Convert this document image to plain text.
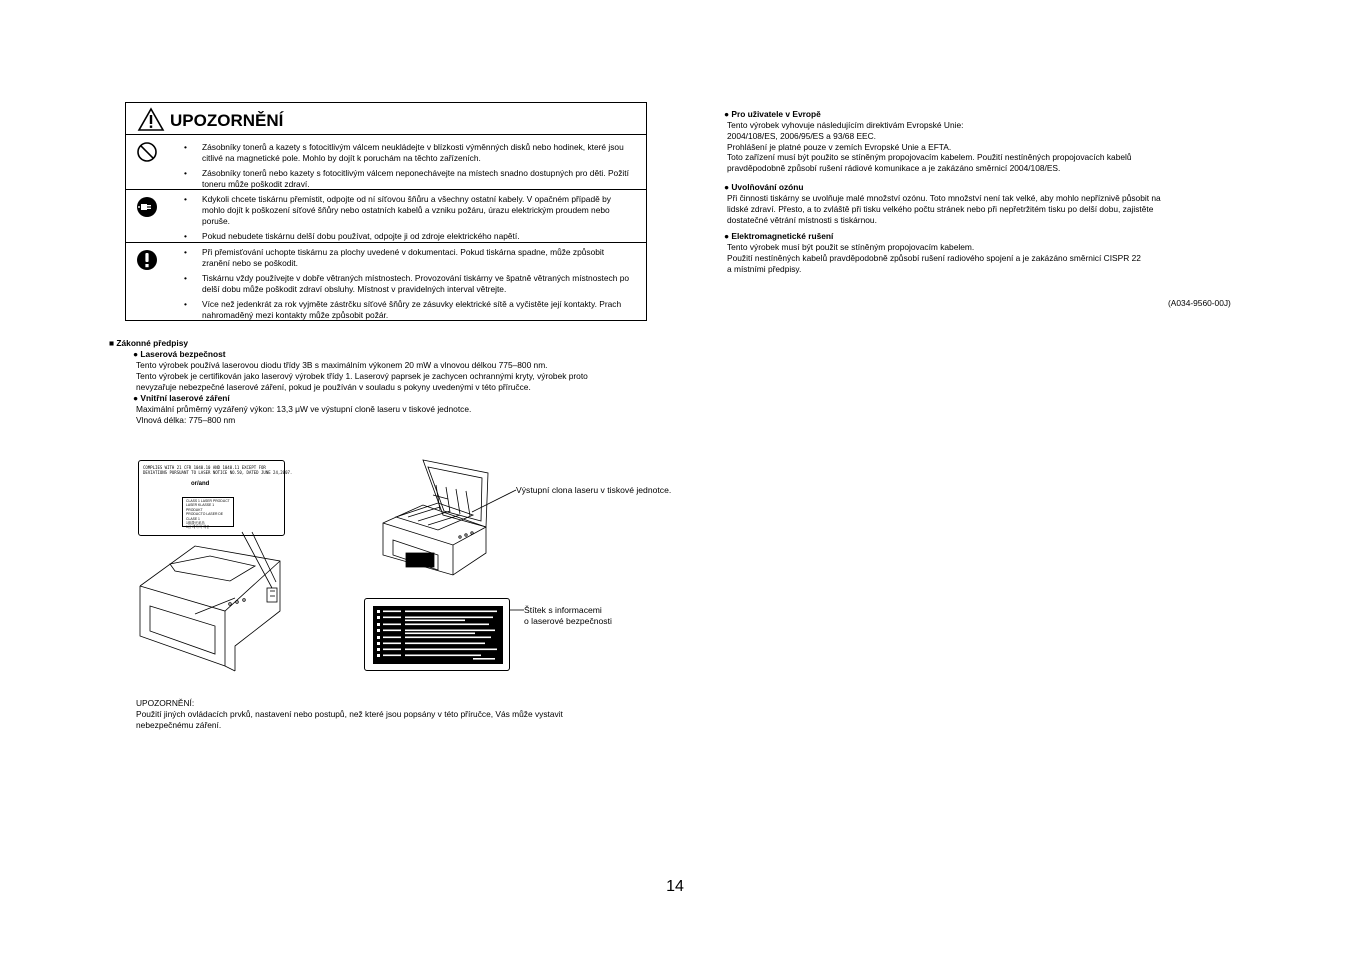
UPOZORNĚNÍ
•	Zásobníky tonerů a kazety s fotocitlivým válcem neukládejte v blízkosti výměnných disků nebo hodinek, které jsou citlivé na magnetické pole. Mohlo by dojít k poruchám na těchto zařízeních.
•	Zásobníky tonerů nebo kazety s fotocitlivým válcem neponechávejte na místech snadno dostupných pro děti. Požití toneru může poškodit zdraví.
•	Kdykoli chcete tiskárnu přemístit, odpojte od ní síťovou šňůru a všechny ostatní kabely. V opačném případě by mohlo dojít k poškození síťové šňůry nebo ostatních kabelů a vzniku požáru, úrazu elektrickým proudem nebo poruše.
•	Pokud nebudete tiskárnu delší dobu používat, odpojte ji od zdroje elektrického napětí.
•	Při přemisťování uchopte tiskárnu za plochy uvedené v dokumentaci. Pokud tiskárna spadne, může způsobit zranění nebo se poškodit.
•	Tiskárnu vždy používejte v dobře větraných místnostech. Provozování tiskárny ve špatně větraných místnostech po delší dobu může poškodit zdraví obsluhy. Místnost v pravidelných interval větrejte.
•	Více než jedenkrát za rok vyjměte zástrčku síťové šňůry ze zásuvky elektrické sítě a vyčistěte její kontakty. Prach nahromaděný mezi kontakty může způsobit požár.
■ Zákonné předpisy
● Laserová bezpečnost

Tento výrobek používá laserovou diodu třídy 3B s maximálním výkonem 20 mW a vlnovou délkou 775–800 nm.

Tento výrobek je certifikován jako laserový výrobek třídy 1. Laserový paprsek je zachycen ochrannými kryty, výrobek proto

nevyzařuje nebezpečné laserové záření, pokud je používán v souladu s pokyny uvedenými v této příručce.

● Vnitřní laserové záření

Maximální průměrný vyzářený výkon: 13,3 μW ve výstupní cloně laseru v tiskové jednotce.

Vlnová délka: 775–800 nm

COMPLIES WITH 21 CFR 1040.10 AND 1040.11 EXCEPT FOR
DEVIATIONS PURSUANT TO LASER NOTICE NO.50, DATED JUNE 24,2007.
or/and
CLASS 1 LASER PRODUCT
LASER KLASSE 1 PRODUKT
PRODUCTO LASER DE CLASE 1
1級激光產品
1급 레이저 제품
Výstupní clona laseru v tiskové jednotce.
Štítek s informacemi
o laserové bezpečnosti

UPOZORNĚNÍ:

Použití jiných ovládacích prvků, nastavení nebo postupů, než které jsou popsány v této příručce, Vás může vystavit

nebezpečnému záření.

● Pro uživatele v Evropě

Tento výrobek vyhovuje následujícím direktivám Evropské Unie:

2004/108/ES, 2006/95/ES a 93/68 EEC.

Prohlášení je platné pouze v zemích Evropské Unie a EFTA.

Toto zařízení musí být použito se stíněným propojovacím kabelem. Použití nestíněných propojovacích kabelů

pravděpodobně způsobí rušení rádiové komunikace a je zakázáno směrnicí 2004/108/ES.

● Uvolňování ozónu

Při činnosti tiskárny se uvolňuje malé množství ozónu. Toto množství není tak velké, aby mohlo nepříznivě působit na

lidské zdraví. Přesto, a to zvláště při tisku velkého počtu stránek nebo při nepřetržitém tisku po delší dobu, zajistěte

dostatečné větrání místnosti s tiskárnou.

● Elektromagnetické rušení

Tento výrobek musí být použit se stíněným propojovacím kabelem.

Použití nestíněných kabelů pravděpodobně způsobí rušení radiového spojení a je zakázáno směrnicí CISPR 22

a místními předpisy.

(A034-9560-00J)
14
